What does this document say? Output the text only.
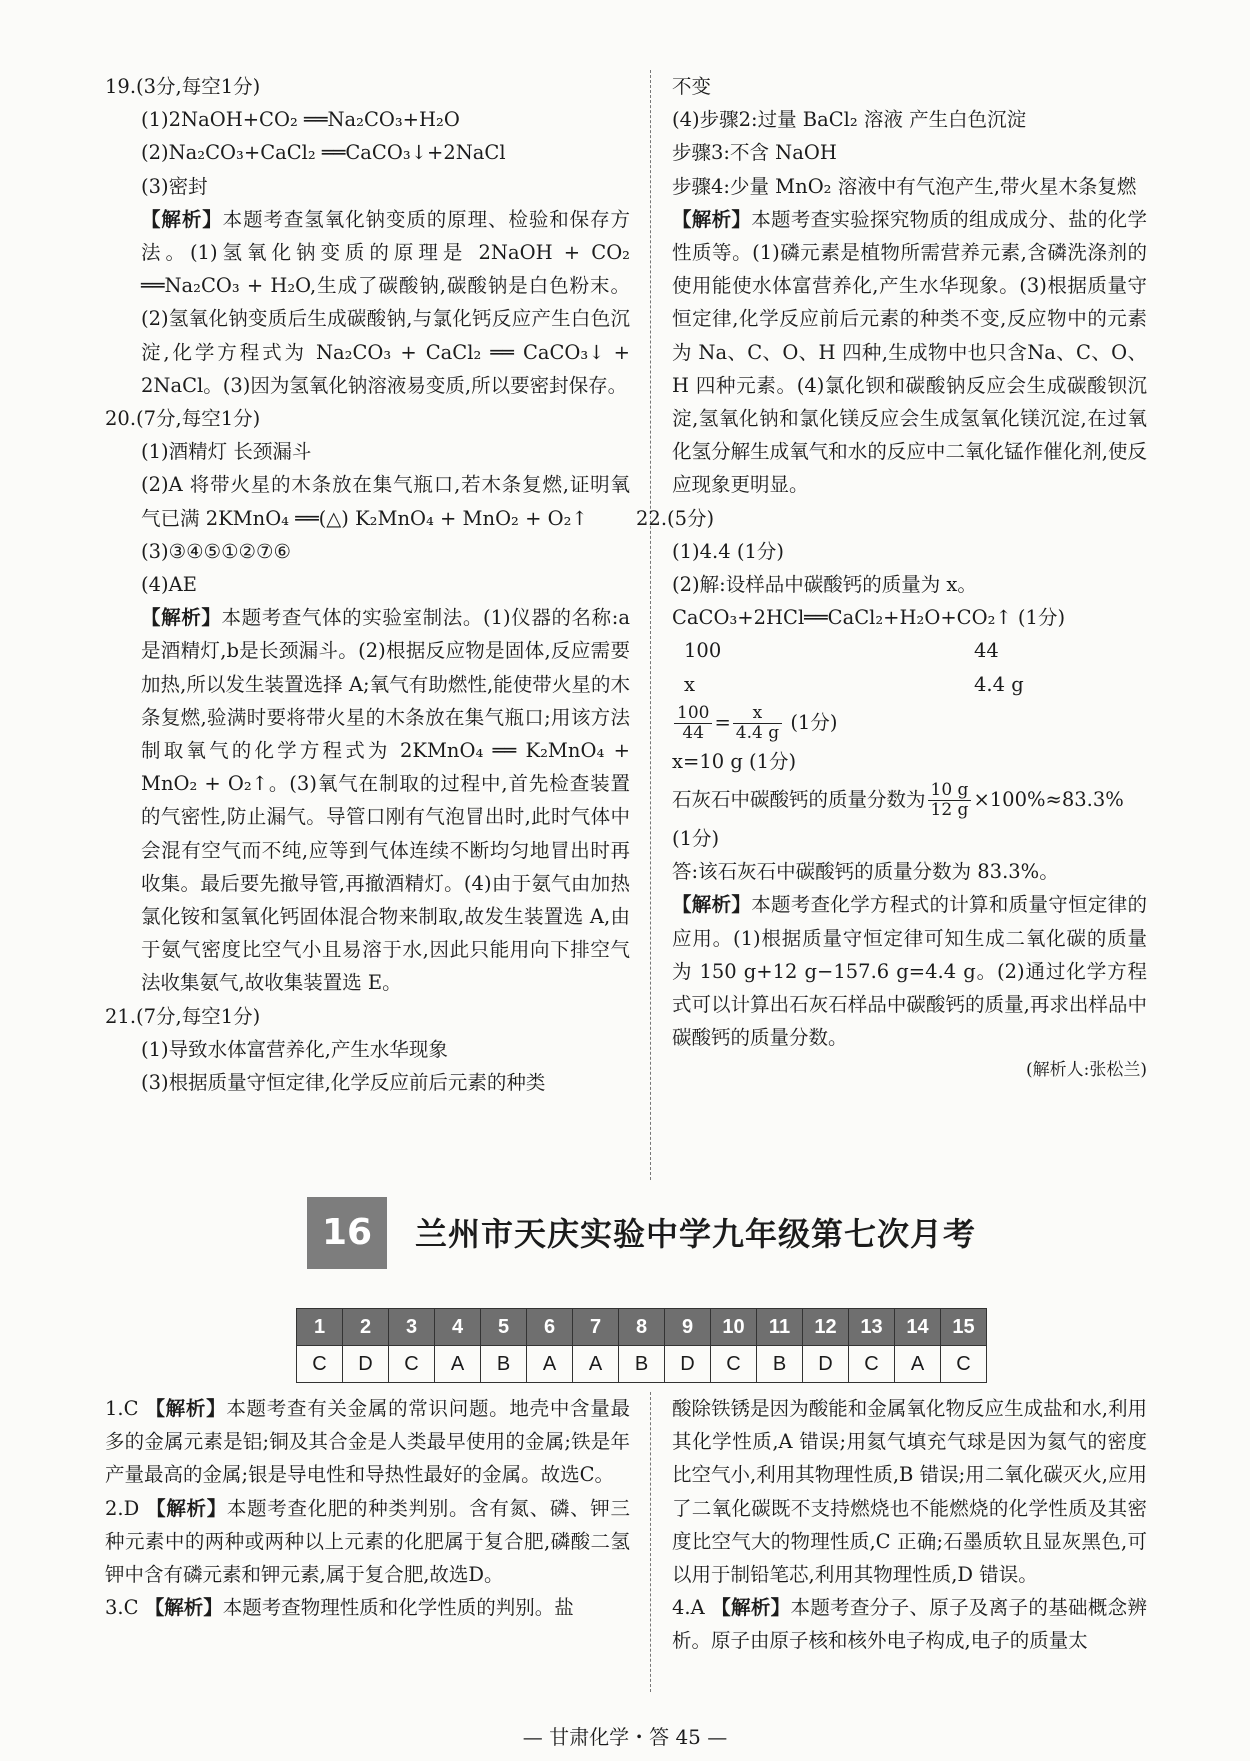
19.(3分,每空1分)

(1)2NaOH+CO₂ ══Na₂CO₃+H₂O

(2)Na₂CO₃+CaCl₂ ══CaCO₃↓+2NaCl

(3)密封

【解析】本题考查氢氧化钠变质的原理、检验和保存方法。(1)氢氧化钠变质的原理是 2NaOH + CO₂ ══Na₂CO₃ + H₂O,生成了碳酸钠,碳酸钠是白色粉末。(2)氢氧化钠变质后生成碳酸钠,与氯化钙反应产生白色沉淀,化学方程式为 Na₂CO₃ + CaCl₂ ══ CaCO₃↓ + 2NaCl。(3)因为氢氧化钠溶液易变质,所以要密封保存。

20.(7分,每空1分)

(1)酒精灯 长颈漏斗

(2)A 将带火星的木条放在集气瓶口,若木条复燃,证明氧气已满 2KMnO₄ ══(△) K₂MnO₄ + MnO₂ + O₂↑

(3)③④⑤①②⑦⑥

(4)AE

【解析】本题考查气体的实验室制法。(1)仪器的名称:a是酒精灯,b是长颈漏斗。(2)根据反应物是固体,反应需要加热,所以发生装置选择 A;氧气有助燃性,能使带火星的木条复燃,验满时要将带火星的木条放在集气瓶口;用该方法制取氧气的化学方程式为 2KMnO₄ ══ K₂MnO₄ + MnO₂ + O₂↑。(3)氧气在制取的过程中,首先检查装置的气密性,防止漏气。导管口刚有气泡冒出时,此时气体中会混有空气而不纯,应等到气体连续不断均匀地冒出时再收集。最后要先撤导管,再撤酒精灯。(4)由于氨气由加热氯化铵和氢氧化钙固体混合物来制取,故发生装置选 A,由于氨气密度比空气小且易溶于水,因此只能用向下排空气法收集氨气,故收集装置选 E。

21.(7分,每空1分)

(1)导致水体富营养化,产生水华现象

(3)根据质量守恒定律,化学反应前后元素的种类

不变

(4)步骤2:过量 BaCl₂ 溶液 产生白色沉淀

步骤3:不含 NaOH

步骤4:少量 MnO₂ 溶液中有气泡产生,带火星木条复燃

【解析】本题考查实验探究物质的组成成分、盐的化学性质等。(1)磷元素是植物所需营养元素,含磷洗涤剂的使用能使水体富营养化,产生水华现象。(3)根据质量守恒定律,化学反应前后元素的种类不变,反应物中的元素为 Na、C、O、H 四种,生成物中也只含Na、C、O、H 四种元素。(4)氯化钡和碳酸钠反应会生成碳酸钡沉淀,氢氧化钠和氯化镁反应会生成氢氧化镁沉淀,在过氧化氢分解生成氧气和水的反应中二氧化锰作催化剂,使反应现象更明显。

22.(5分)

(1)4.4 (1分)

(2)解:设样品中碳酸钙的质量为 x。

CaCO₃+2HCl══CaCl₂+H₂O+CO₂↑ (1分)

100	44

x	4.4 g

$\frac{100}{44} = \frac{x}{4.4 g} (1$分)

x=10 g (1分)

石灰石中碳酸钙的质量分数为 $\frac{10 g}{12 g} \times 100\%\approx 83.3\%$

(1分)

答:该石灰石中碳酸钙的质量分数为 83.3%。

【解析】本题考查化学方程式的计算和质量守恒定律的应用。(1)根据质量守恒定律可知生成二氧化碳的质量为 150 g+12 g−157.6 g=4.4 g。(2)通过化学方程式可以计算出石灰石样品中碳酸钙的质量,再求出样品中碳酸钙的质量分数。

(解析人:张松兰)

16	兰州市天庆实验中学九年级第七次月考
1	2	3	4	5	6	7	8	9	10	11	12	13	14	15
C	D	C	A	B	A	A	B	D	C	B	D	C	A	C

1.C 【解析】本题考查有关金属的常识问题。地壳中含量最多的金属元素是铝;铜及其合金是人类最早使用的金属;铁是年产量最高的金属;银是导电性和导热性最好的金属。故选C。

2.D 【解析】本题考查化肥的种类判别。含有氮、磷、钾三种元素中的两种或两种以上元素的化肥属于复合肥,磷酸二氢钾中含有磷元素和钾元素,属于复合肥,故选D。

3.C 【解析】本题考查物理性质和化学性质的判别。盐

酸除铁锈是因为酸能和金属氧化物反应生成盐和水,利用其化学性质,A 错误;用氦气填充气球是因为氦气的密度比空气小,利用其物理性质,B 错误;用二氧化碳灭火,应用了二氧化碳既不支持燃烧也不能燃烧的化学性质及其密度比空气大的物理性质,C 正确;石墨质软且显灰黑色,可以用于制铅笔芯,利用其物理性质,D 错误。

4.A 【解析】本题考查分子、原子及离子的基础概念辨析。原子由原子核和核外电子构成,电子的质量太

— 甘肃化学・答 45 —
